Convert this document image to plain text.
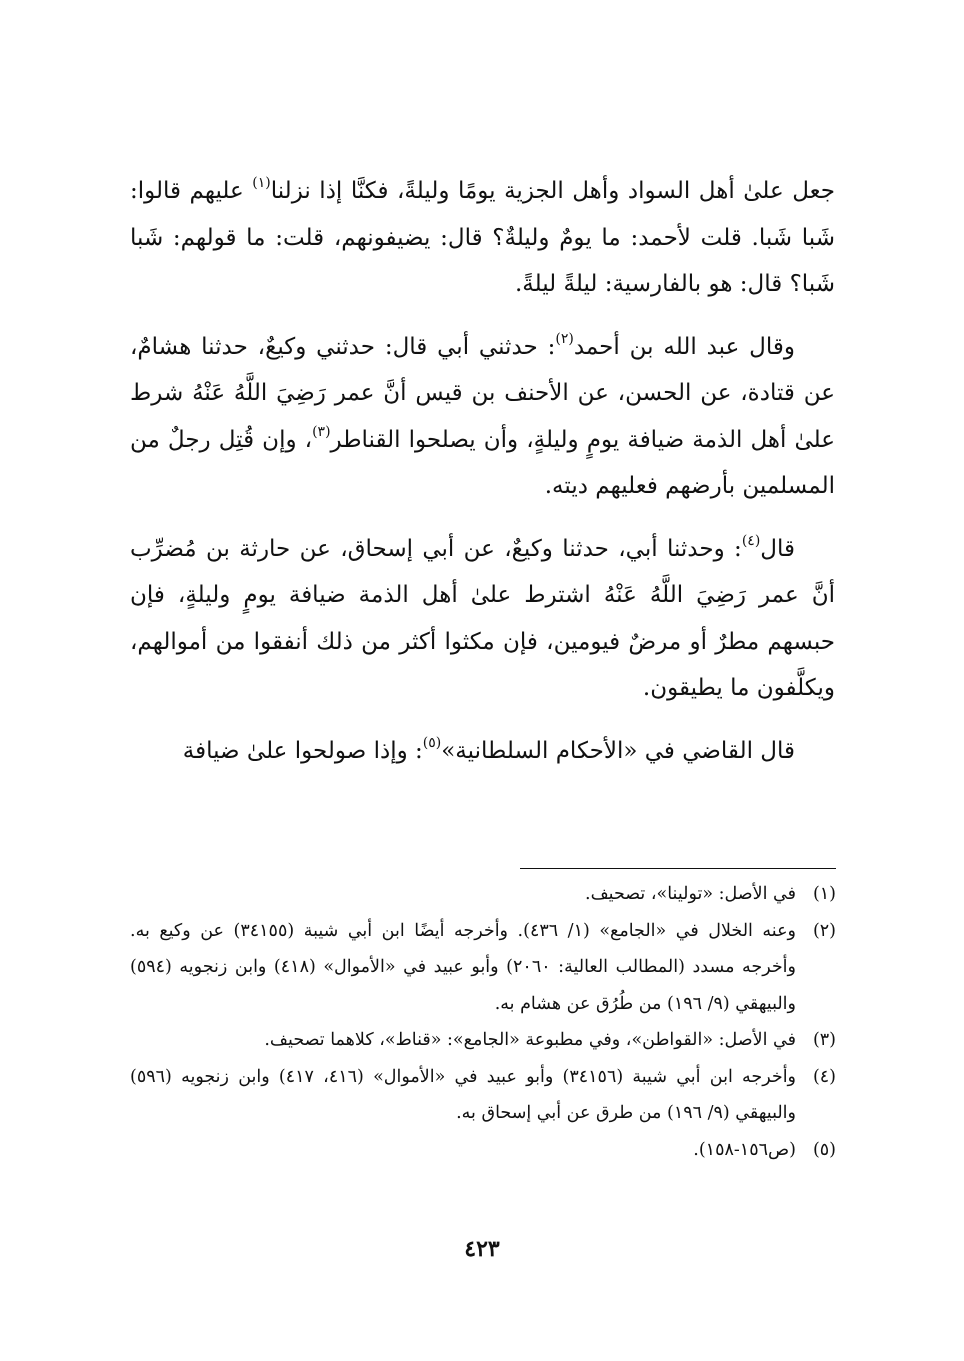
جعل علىٰ أهل السواد وأهل الجزية يومًا وليلةً، فكنَّا إذا نزلنا$^{(١)}$ عليهم قالوا: شَبا شَبا. قلت لأحمد: ما يومٌ وليلةٌ؟ قال: يضيفونهم، قلت: ما قولهم: شَبا شَبا؟ قال: هو بالفارسية: ليلةً ليلةً.

وقال عبد الله بن أحمد$^{(٢)}$: حدثني أبي قال: حدثني وكيعٌ، حدثنا هشامٌ، عن قتادة، عن الحسن، عن الأحنف بن قيس أنَّ عمر رَضِيَ اللَّهُ عَنْهُ شرط علىٰ أهل الذمة ضيافة يومٍ وليلةٍ، وأن يصلحوا القناطر$^{(٣)}$، وإن قُتِل رجلٌ من المسلمين بأرضهم فعليهم ديته.

قال$^{(٤)}$: وحدثنا أبي، حدثنا وكيعٌ، عن أبي إسحاق، عن حارثة بن مُضرِّب أنَّ عمر رَضِيَ اللَّهُ عَنْهُ اشترط علىٰ أهل الذمة ضيافة يومٍ وليلةٍ، فإن حبسهم مطرٌ أو مرضٌ فيومين، فإن مكثوا أكثر من ذلك أنفقوا من أموالهم، ويكلَّفون ما يطيقون.

قال القاضي في «الأحكام السلطانية»$^{(٥)}$: وإذا صولحوا علىٰ ضيافة

(١)
في الأصل: «تولينا»، تصحيف.
(٢)
وعنه الخلال في «الجامع» (١/ ٤٣٦). وأخرجه أيضًا ابن أبي شيبة (٣٤١٥٥) عن وكيع به. وأخرجه مسدد (المطالب العالية: ٢٠٦٠) وأبو عبيد في «الأموال» (٤١٨) وابن زنجويه (٥٩٤) والبيهقي (٩/ ١٩٦) من طُرُق عن هشام به.
(٣)
في الأصل: «القواطن»، وفي مطبوعة «الجامع»: «قناط»، كلاهما تصحيف.
(٤)
وأخرجه ابن أبي شيبة (٣٤١٥٦) وأبو عبيد في «الأموال» (٤١٦، ٤١٧) وابن زنجويه (٥٩٦) والبيهقي (٩/ ١٩٦) من طرق عن أبي إسحاق به.
(٥)
(ص١٥٦-١٥٨).
٤٢٣
